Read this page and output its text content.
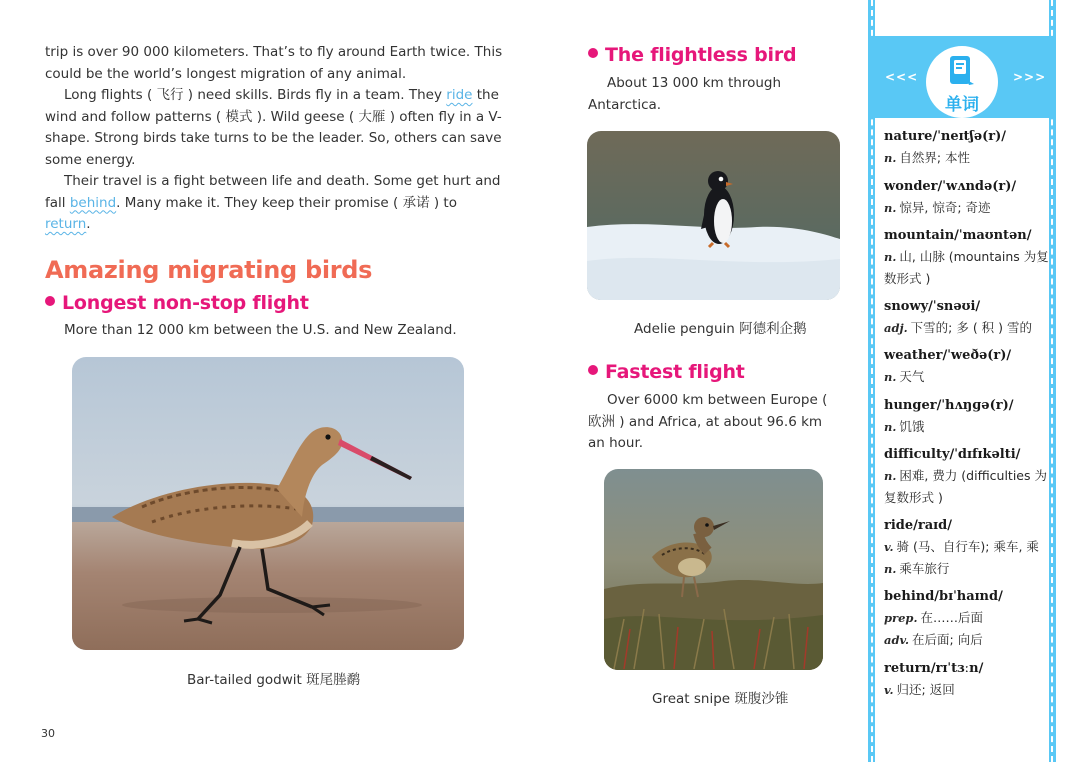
trip is over 90 000 kilometers. That’s to fly around Earth twice. This could be the world’s longest migration of any animal.

Long flights ( 飞行 ) need skills. Birds fly in a team. They ride the wind and follow patterns ( 模式 ). Wild geese ( 大雁 ) often fly in a V-shape. Strong birds take turns to be the leader. So, others can save some energy.

Their travel is a fight between life and death. Some get hurt and fall behind. Many make it. They keep their promise ( 承诺 ) to return.

Amazing migrating birds
Longest non-stop flight
More than 12 000 km between the U.S. and New Zealand.
Bar-tailed godwit 斑尾塍鹬
The flightless bird
About 13 000 km through Antarctica.
Adelie penguin 阿德利企鹅
Fastest flight
Over 6000 km between Europe ( 欧洲 ) and Africa, at about 96.6 km an hour.
Great snipe 斑腹沙锥
30
<<<
单词
>>>
nature/ˈneɪtʃə(r)/
n. 自然界; 本性
wonder/ˈwʌndə(r)/
n. 惊异, 惊奇; 奇迹
mountain/ˈmaʊntən/
n. 山, 山脉 (mountains 为复数形式 )
snowy/ˈsnəʊi/
adj. 下雪的; 多 ( 积 ) 雪的
weather/ˈweðə(r)/
n. 天气
hunger/ˈhʌŋɡə(r)/
n. 饥饿
difficulty/ˈdɪfɪkəlti/
n. 困难, 费力 (difficulties 为复数形式 )
ride/raɪd/
v. 骑 (马、自行车); 乘车, 乘
n. 乘车旅行
behind/bɪˈhaɪnd/
prep. 在……后面
adv. 在后面; 向后
return/rɪˈtɜːn/
v. 归还; 返回
